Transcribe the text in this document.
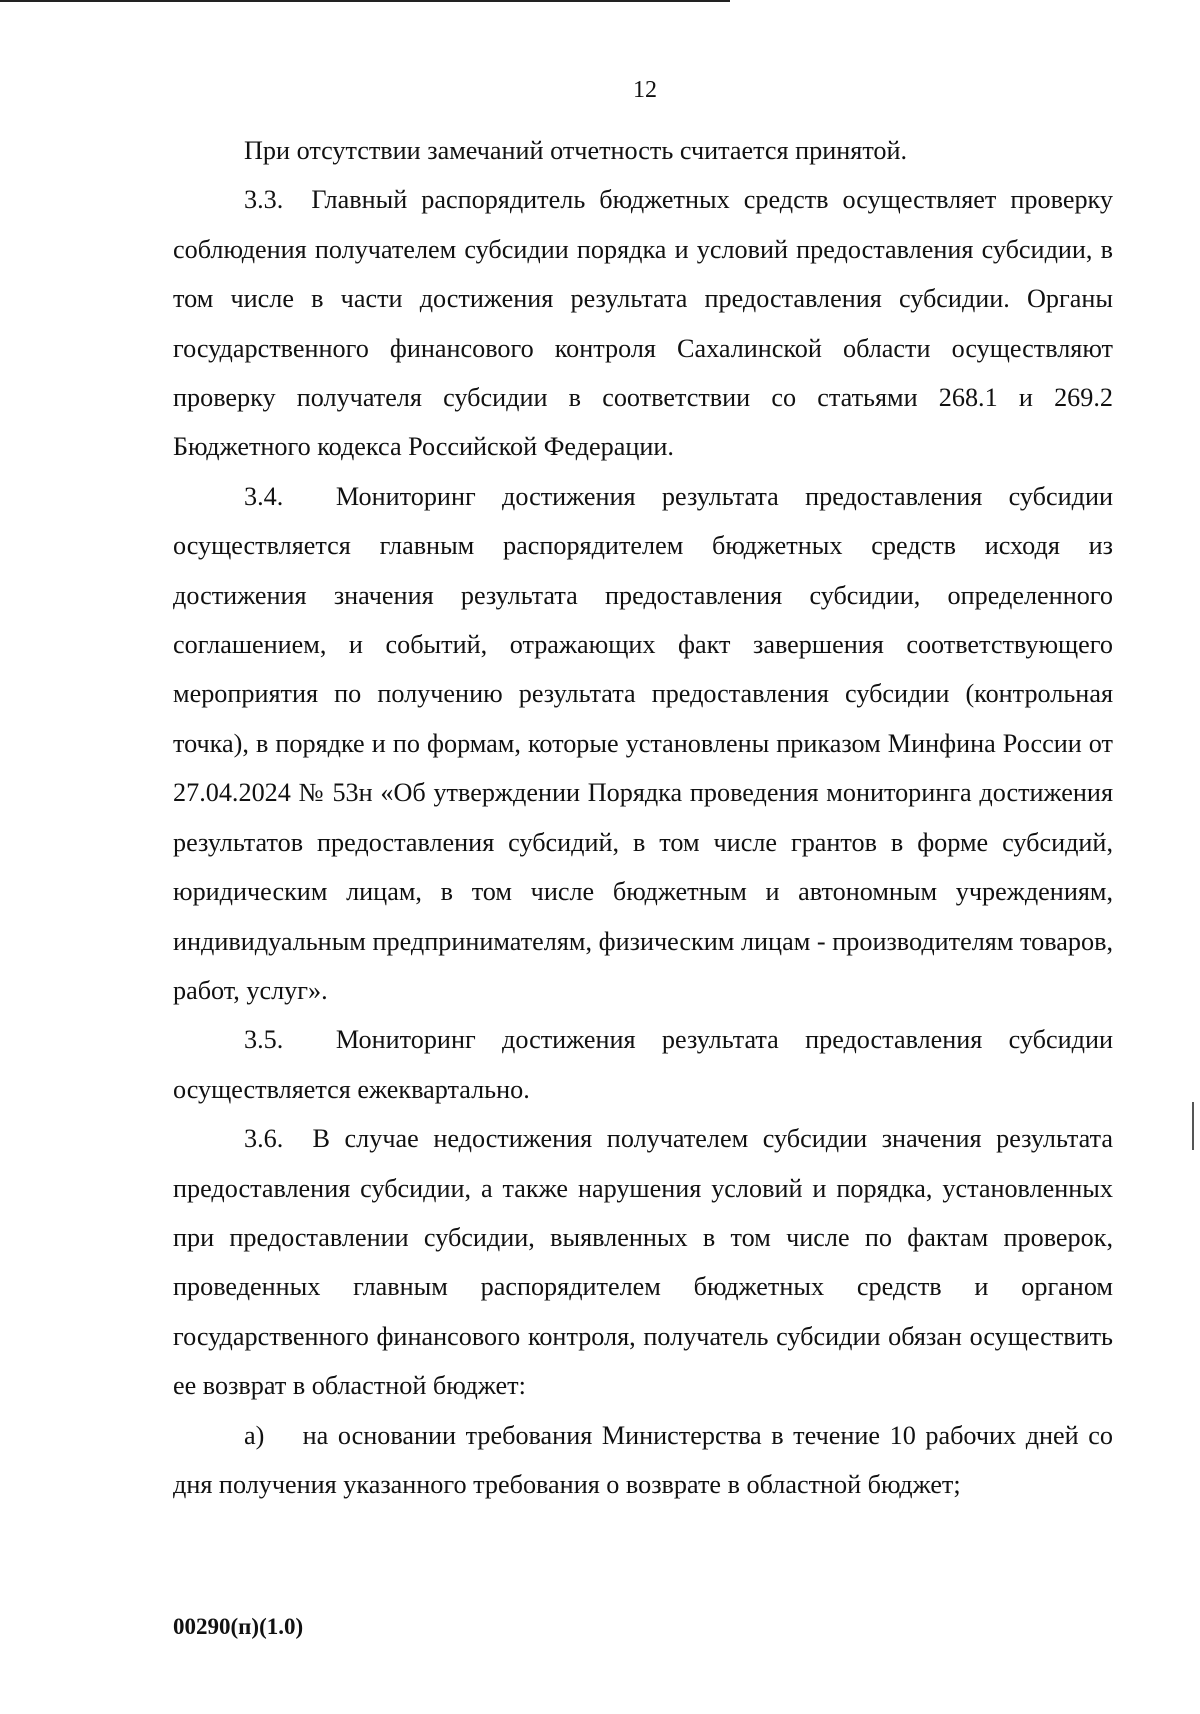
12

При отсутствии замечаний отчетность считается принятой.

3.3.  Главный распорядитель бюджетных средств осуществляет проверку соблюдения получателем субсидии порядка и условий предоставления субсидии, в том числе в части достижения результата предоставления субсидии. Органы государственного финансового контроля Сахалинской области осуществляют проверку получателя субсидии в соответствии со статьями 268.1 и 269.2 Бюджетного кодекса Российской Федерации.

3.4.  Мониторинг достижения результата предоставления субсидии осуществляется главным распорядителем бюджетных средств исходя из достижения значения результата предоставления субсидии, определенного соглашением, и событий, отражающих факт завершения соответствующего мероприятия по получению результата предоставления субсидии (контрольная точка), в порядке и по формам, которые установлены приказом Минфина России от 27.04.2024 № 53н «Об утверждении Порядка проведения мониторинга достижения результатов предоставления субсидий, в том числе грантов в форме субсидий, юридическим лицам, в том числе бюджетным и автономным учреждениям, индивидуальным предпринимателям, физическим лицам - производителям товаров, работ, услуг».

3.5.  Мониторинг достижения результата предоставления субсидии осуществляется ежеквартально.

3.6.  В случае недостижения получателем субсидии значения результата предоставления субсидии, а также нарушения условий и порядка, установленных при предоставлении субсидии, выявленных в том числе по фактам проверок, проведенных главным распорядителем бюджетных средств и органом государственного финансового контроля, получатель субсидии обязан осуществить ее возврат в областной бюджет:

а)    на основании требования Министерства в течение 10 рабочих дней со дня получения указанного требования о возврате в областной бюджет;

00290(п)(1.0)
